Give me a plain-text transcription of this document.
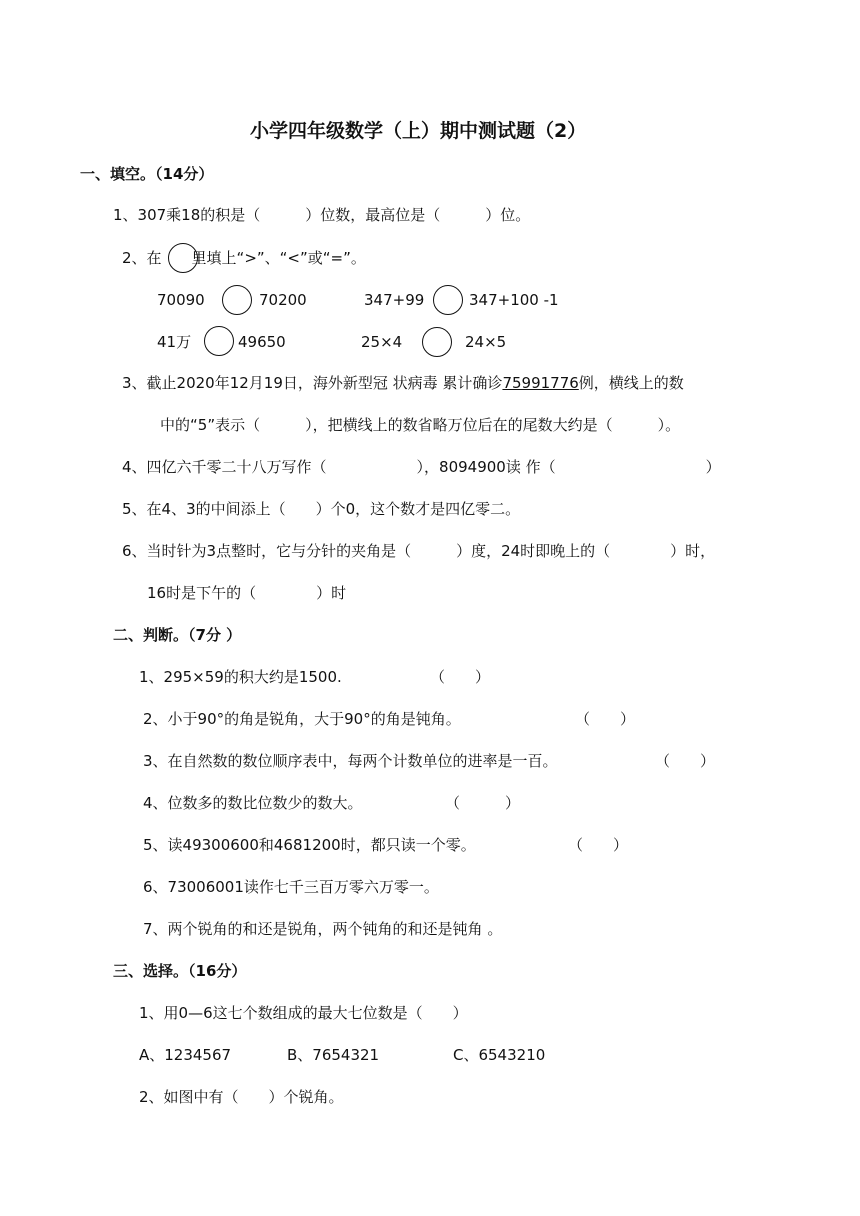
小学四年级数学（上）期中测试题（2）
一、填空。（14分）
1、307乘18的积是（　　　）位数，最高位是（　　　）位。
2、在　　里填上“>”、“<”或“=”。
70090	70200	347+99	347+100 -1
41万	49650	25×4	24×5
3、截止2020年12月19日，海外新型冠 状病毒 累计确诊75991776例，横线上的数
中的“5”表示（　　　），把横线上的数省略万位后在的尾数大约是（　　　）。
4、四亿六千零二十八万写作（　　　　　　），8094900读 作（　　　　　　　　　　）
5、在4、3的中间添上（　　）个0，这个数才是四亿零二。
6、当时针为3点整时，它与分针的夹角是（　　　）度，24时即晚上的（　　　　）时，
16时是下午的（　　　　）时
二、判断。（7分 ）
1、295×59的积大约是1500.	（　　）
2、小于90°的角是锐角，大于90°的角是钝角。	（　　）
3、在自然数的数位顺序表中，每两个计数单位的进率是一百。	（　　）
4、位数多的数比位数少的数大。	（　　　）
5、读49300600和4681200时，都只读一个零。	（　　）
6、73006001读作七千三百万零六万零一。
7、两个锐角的和还是锐角，两个钝角的和还是钝角 。
三、选择。（16分）
1、用0—6这七个数组成的最大七位数是（　　）
A、1234567	B、7654321	C、6543210
2、如图中有（　　）个锐角。
